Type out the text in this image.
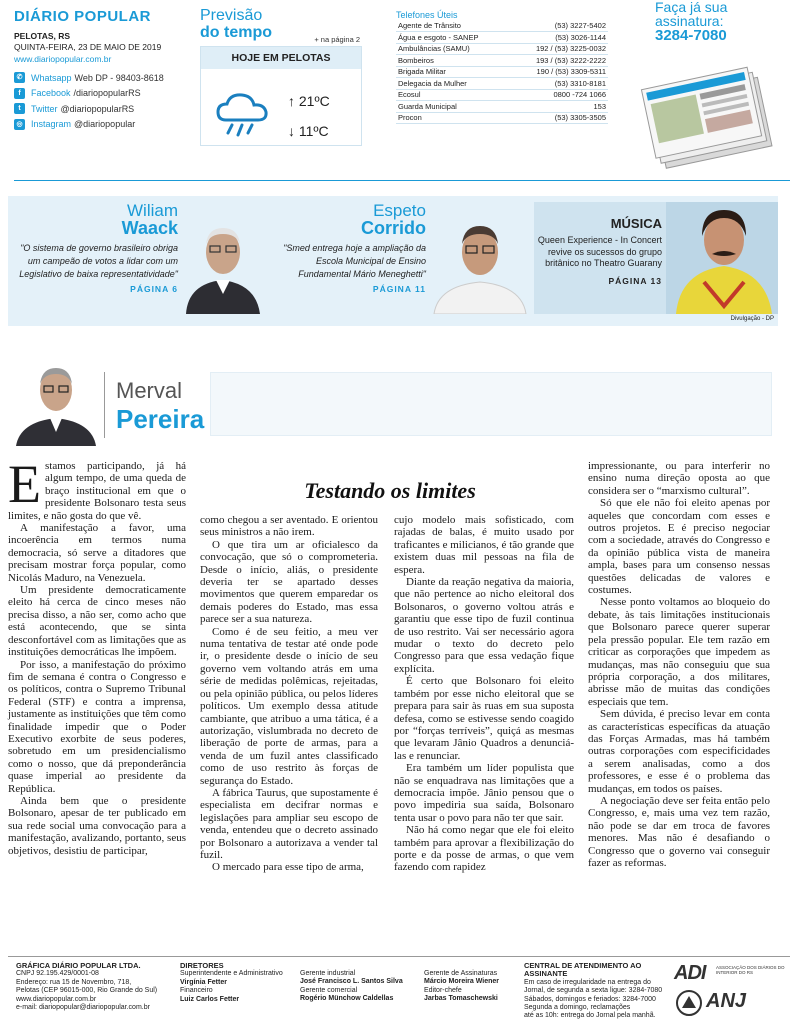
DIÁRIO POPULAR
PELOTAS, RS
QUINTA-FEIRA, 23 DE MAIO DE 2019
www.diariopopular.com.br
✆ Whatsapp Web DP - 98403-8618
f	Facebook /diariopopularRS
t	Twitter @diariopopularRS
◎ Instagram @diariopopular
Previsão
do tempo	+ na página 2
HOJE EM PELOTAS
↑ 21ºC
↓ 11ºC
Telefones Úteis
Agente de Trânsito	(53) 3227-5402
Água e esgoto - SANEP	(53) 3026-1144
Ambulâncias (SAMU)	192 / (53) 3225-0032
Bombeiros	193 / (53) 3222-2222
Brigada Militar	190 / (53) 3309-5311
Delegacia da Mulher	(53) 3310-8181
Ecosul	0800 -724 1066
Guarda Municipal	153
Procon	(53) 3305-3505
Faça já sua
assinatura:
3284-7080
Wiliam
Waack
"O sistema de governo brasileiro obriga um campeão de votos a lidar com um Legislativo de baixa representatividade"
PÁGINA 6
Espeto
Corrido
"Smed entrega hoje a ampliação da Escola Municipal de Ensino Fundamental Mário Meneghetti"
PÁGINA 11
MÚSICA
Queen Experience - In Concert revive os sucessos do grupo britânico no Theatro Guarany
PÁGINA 13
Divulgação - DP
Merval
Pereira
Testando os limites
E stamos participando, já há algum tempo, de uma queda de braço institucional em que o presidente Bolsonaro testa seus limites, e não gosta do que vê.

A manifestação a favor, uma incoerência em termos numa democracia, só serve a ditadores que precisam mostrar força popular, como Nicolás Maduro, na Venezuela.

Um presidente democraticamente eleito há cerca de cinco meses não precisa disso, a não ser, como acho que está acontecendo, que se sinta desconfortável com as limitações que as instituições democráticas lhe impõem.

Por isso, a manifestação do próximo fim de semana é contra o Congresso e os políticos, contra o Supremo Tribunal Federal (STF) e contra a imprensa, justamente as instituições que têm como finalidade impedir que o Poder Executivo exorbite de seus poderes, sobretudo em um presidencialismo como o nosso, que dá preponderância quase imperial ao presidente da República.

Ainda bem que o presidente Bolsonaro, apesar de ter publicado em sua rede social uma convocação para a manifestação, avalizando, portanto, seus objetivos, desistiu de participar,

como chegou a ser aventado. E orientou seus ministros a não irem.

O que tira um ar oficialesco da convocação, que só o comprometeria. Desde o início, aliás, o presidente deveria ter se apartado desses movimentos que querem emparedar os demais poderes do Estado, mas essa parece ser a sua natureza.

Como é de seu feitio, a meu ver numa tentativa de testar até onde pode ir, o presidente desde o início de seu governo vem voltando atrás em uma série de medidas polêmicas, rejeitadas, ou pela opinião pública, ou pelos líderes políticos. Um exemplo dessa atitude cambiante, que atribuo a uma tática, é a autorização, vislumbrada no decreto de liberação de porte de armas, para a venda de um fuzil antes classificado como de uso restrito às forças de segurança do Estado.

A fábrica Taurus, que supostamente é especialista em decifrar normas e legislações para ampliar seu escopo de venda, entendeu que o decreto assinado por Bolsonaro a autorizava a vender tal fuzil.

O mercado para esse tipo de arma,

cujo modelo mais sofisticado, com rajadas de balas, é muito usado por traficantes e milicianos, é tão grande que existem duas mil pessoas na fila de espera.

Diante da reação negativa da maioria, que não pertence ao nicho eleitoral dos Bolsonaros, o governo voltou atrás e garantiu que esse tipo de fuzil continua de uso restrito. Vai ser necessário agora mudar o texto do decreto pelo Congresso para que essa vedação fique explícita.

É certo que Bolsonaro foi eleito também por esse nicho eleitoral que se prepara para sair às ruas em sua suposta defesa, como se estivesse sendo coagido por “forças terríveis”, quiçá as mesmas que levaram Jânio Quadros a denunciá-las e renunciar.

Era também um líder populista que não se enquadrava nas limitações que a democracia impõe. Jânio pensou que o povo impediria sua saída, Bolsonaro tenta usar o povo para não ter que sair.

Não há como negar que ele foi eleito também para aprovar a flexibilização do porte e da posse de armas, o que vem fazendo com rapidez

impressionante, ou para interferir no ensino numa direção oposta ao que considera ser o “marxismo cultural”.

Só que ele não foi eleito apenas por aqueles que concordam com esses e outros projetos. E é preciso negociar com a sociedade, através do Congresso e da opinião pública vista de maneira ampla, bases para um consenso nessas questões delicadas de valores e costumes.

Nesse ponto voltamos ao bloqueio do debate, às tais limitações institucionais que Bolsonaro parece querer superar pela pressão popular. Ele tem razão em criticar as corporações que impedem as mudanças, mas não conseguiu que sua própria corporação, a dos militares, abrisse mão de muitas das condições especiais que tem.

Sem dúvida, é preciso levar em conta as características específicas da atuação das Forças Armadas, mas há também outras corporações com especificidades a serem analisadas, como a dos professores, e esse é o problema das mudanças, em todos os países.

A negociação deve ser feita então pelo Congresso, e, mais uma vez tem razão, não pode se dar em troca de favores menores. Mas não é desafiando o Congresso que o governo vai conseguir fazer as reformas.

GRÁFICA DIÁRIO POPULAR LTDA.
CNPJ 92.195.429/0001-08
Endereço: rua 15 de Novembro, 718,
Pelotas (CEP 96015-000, Rio Grande do Sul)
www.diariopopular.com.br
e-mail: diariopopular@diariopopular.com.br
DIRETORES
Superintendente e Administrativo
Virgínia Fetter
Financeiro
Luiz Carlos Fetter
Gerente industrial
José Francisco L. Santos Silva
Gerente comercial
Rogério Münchow Caldellas
Gerente de Assinaturas
Márcio Moreira Wiener
Editor-chefe
Jarbas Tomaschewski
CENTRAL DE ATENDIMENTO AO ASSINANTE
Em caso de irregularidade na entrega do
Jornal, de segunda a sexta ligue: 3284-7080
Sábados, domingos e feriados: 3284-7000
Segunda a domingo, reclamações
até as 10h: entrega do Jornal pela manhã.
ADI ASSOCIAÇÃO DOS DIÁRIOS DO INTERIOR DO RS
ANJ
